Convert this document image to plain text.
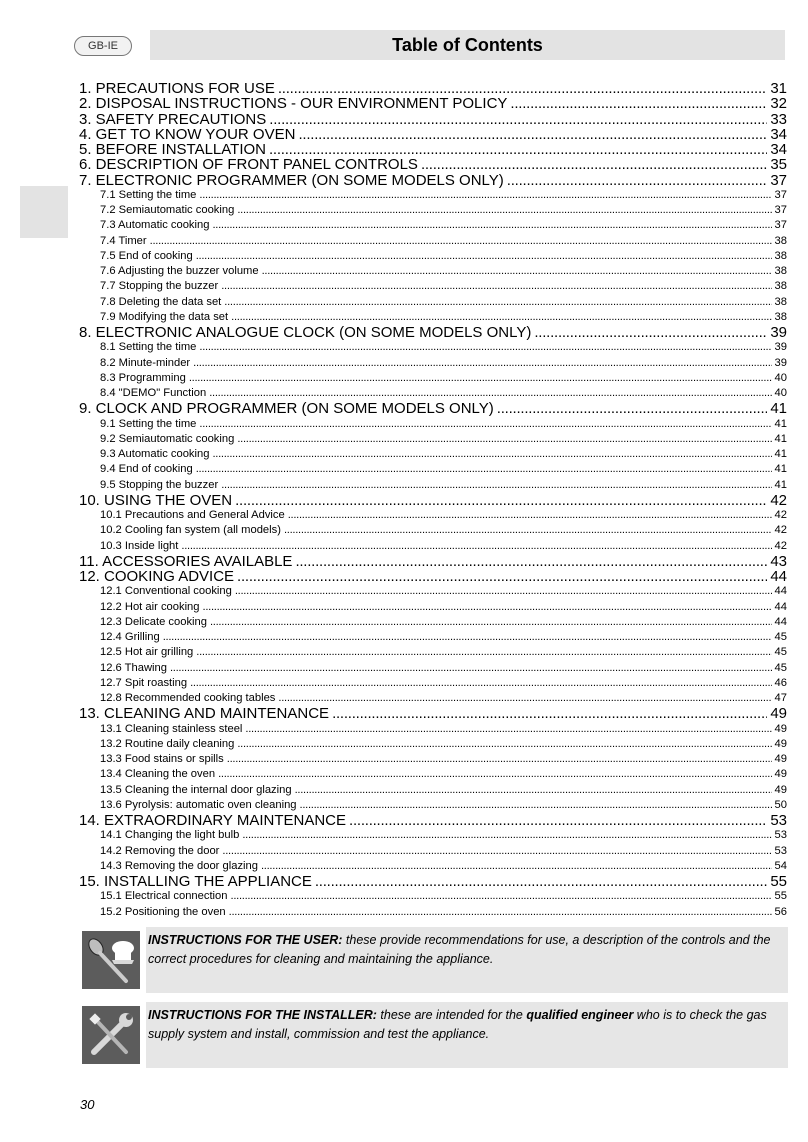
GB-IE	Table of Contents
1. PRECAUTIONS FOR USE . . .	31
2. DISPOSAL INSTRUCTIONS - OUR ENVIRONMENT POLICY . . .	32
3. SAFETY PRECAUTIONS . . .	33
4. GET TO KNOW YOUR OVEN . . .	34
5. BEFORE INSTALLATION . . .	34
6. DESCRIPTION OF FRONT PANEL CONTROLS . . .	35
7. ELECTRONIC PROGRAMMER (ON SOME MODELS ONLY) . . .	37
7.1 Setting the time . . .	37
7.2 Semiautomatic cooking . . .	37
7.3 Automatic cooking . . .	37
7.4 Timer . . .	38
7.5 End of cooking . . .	38
7.6 Adjusting the buzzer volume . . .	38
7.7 Stopping the buzzer . . .	38
7.8 Deleting the data set . . .	38
7.9 Modifying the data set . . .	38
8. ELECTRONIC ANALOGUE CLOCK (ON SOME MODELS ONLY) . . .	39
8.1 Setting the time . . .	39
8.2 Minute-minder . . .	39
8.3 Programming . . .	40
8.4 "DEMO" Function . . .	40
9. CLOCK AND PROGRAMMER (ON SOME MODELS ONLY) . . .	41
9.1 Setting the time . . .	41
9.2 Semiautomatic cooking . . .	41
9.3 Automatic cooking . . .	41
9.4 End of cooking . . .	41
9.5 Stopping the buzzer . . .	41
10. USING THE OVEN . . .	42
10.1 Precautions and General Advice . . .	42
10.2 Cooling fan system (all models) . . .	42
10.3 Inside light . . .	42
11. ACCESSORIES AVAILABLE . . .	43
12. COOKING ADVICE . . .	44
12.1 Conventional cooking . . .	44
12.2 Hot air cooking . . .	44
12.3 Delicate cooking . . .	44
12.4 Grilling . . .	45
12.5 Hot air grilling . . .	45
12.6 Thawing . . .	45
12.7 Spit roasting . . .	46
12.8 Recommended cooking tables . . .	47
13. CLEANING AND MAINTENANCE . . .	49
13.1 Cleaning stainless steel . . .	49
13.2 Routine daily cleaning . . .	49
13.3 Food stains or spills . . .	49
13.4 Cleaning the oven . . .	49
13.5 Cleaning the internal door glazing . . .	49
13.6 Pyrolysis: automatic oven cleaning . . .	50
14. EXTRAORDINARY MAINTENANCE . . .	53
14.1 Changing the light bulb . . .	53
14.2 Removing the door . . .	53
14.3 Removing the door glazing . . .	54
15. INSTALLING THE APPLIANCE . . .	55
15.1 Electrical connection . . .	55
15.2 Positioning the oven . . .	56
INSTRUCTIONS FOR THE USER: these provide recommendations for use, a description of the controls and the correct procedures for cleaning and maintaining the appliance.
INSTRUCTIONS FOR THE INSTALLER: these are intended for the qualified engineer who is to check the gas supply system and install, commission and test the appliance.
30
